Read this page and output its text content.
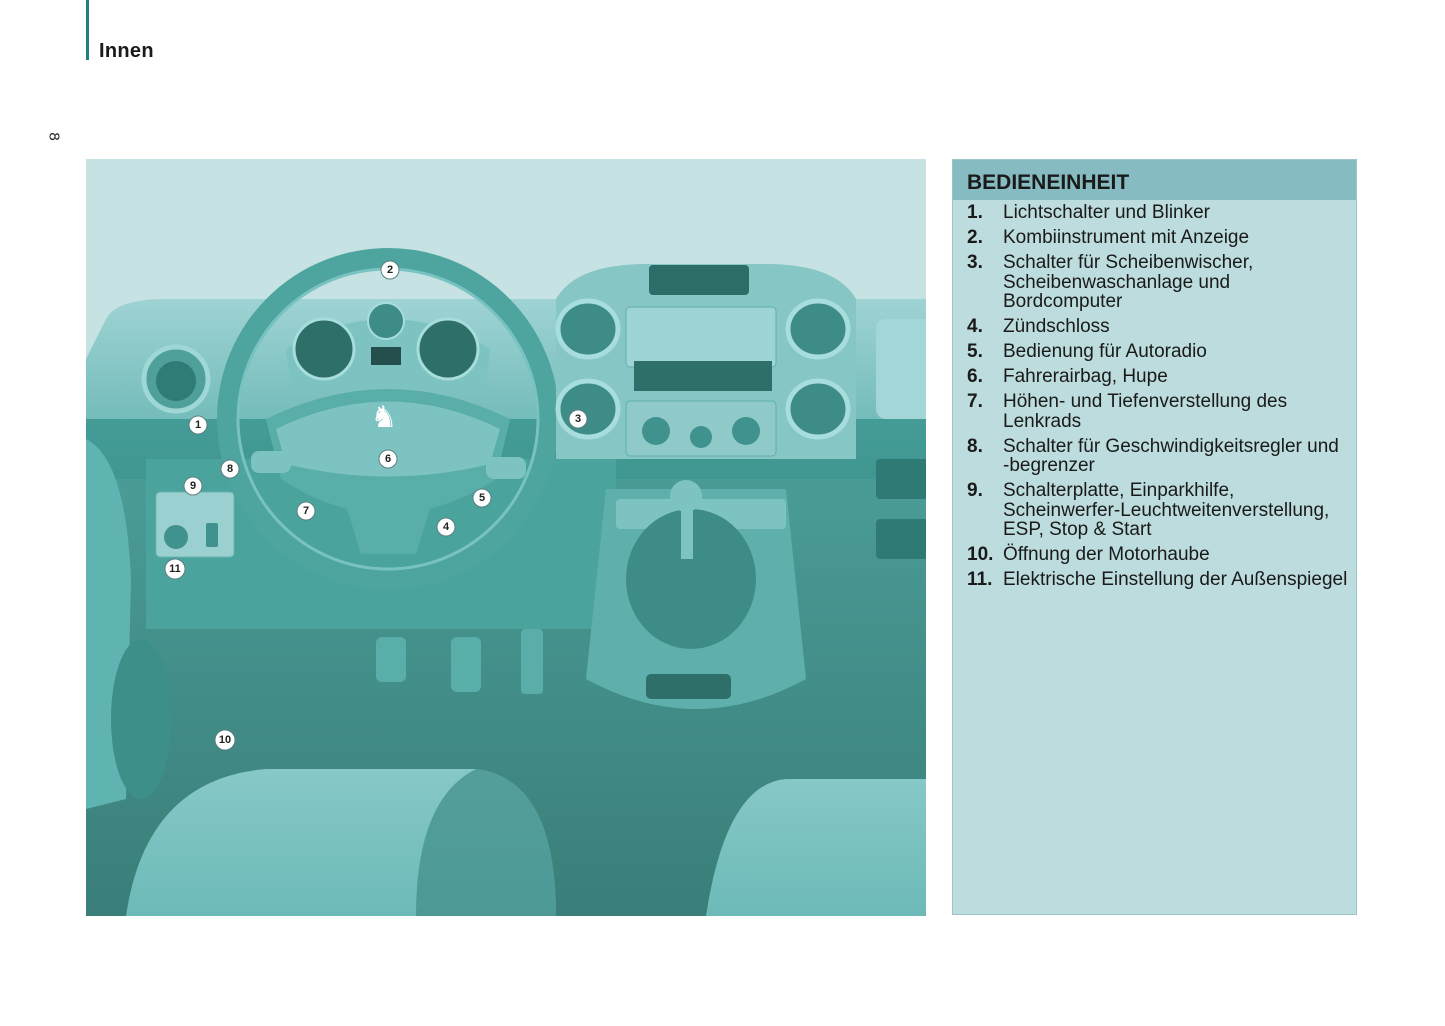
Innen
8
♞
1
2
3
4
5
6
7
8
9
10
11
BEDIENEINHEIT
1.	Lichtschalter und Blinker
2.	Kombiinstrument mit Anzeige
3.	Schalter für Scheibenwischer, Scheibenwaschanlage und Bordcomputer
4.	Zündschloss
5.	Bedienung für Autoradio
6.	Fahrerairbag, Hupe
7.	Höhen- und Tiefenverstellung des Lenkrads
8.	Schalter für Geschwindigkeitsregler und -begrenzer
9.	Schalterplatte, Einparkhilfe, Scheinwerfer-Leuchtweitenverstellung, ESP, Stop & Start
10. Öffnung der Motorhaube
11. Elektrische Einstellung der Außenspiegel
